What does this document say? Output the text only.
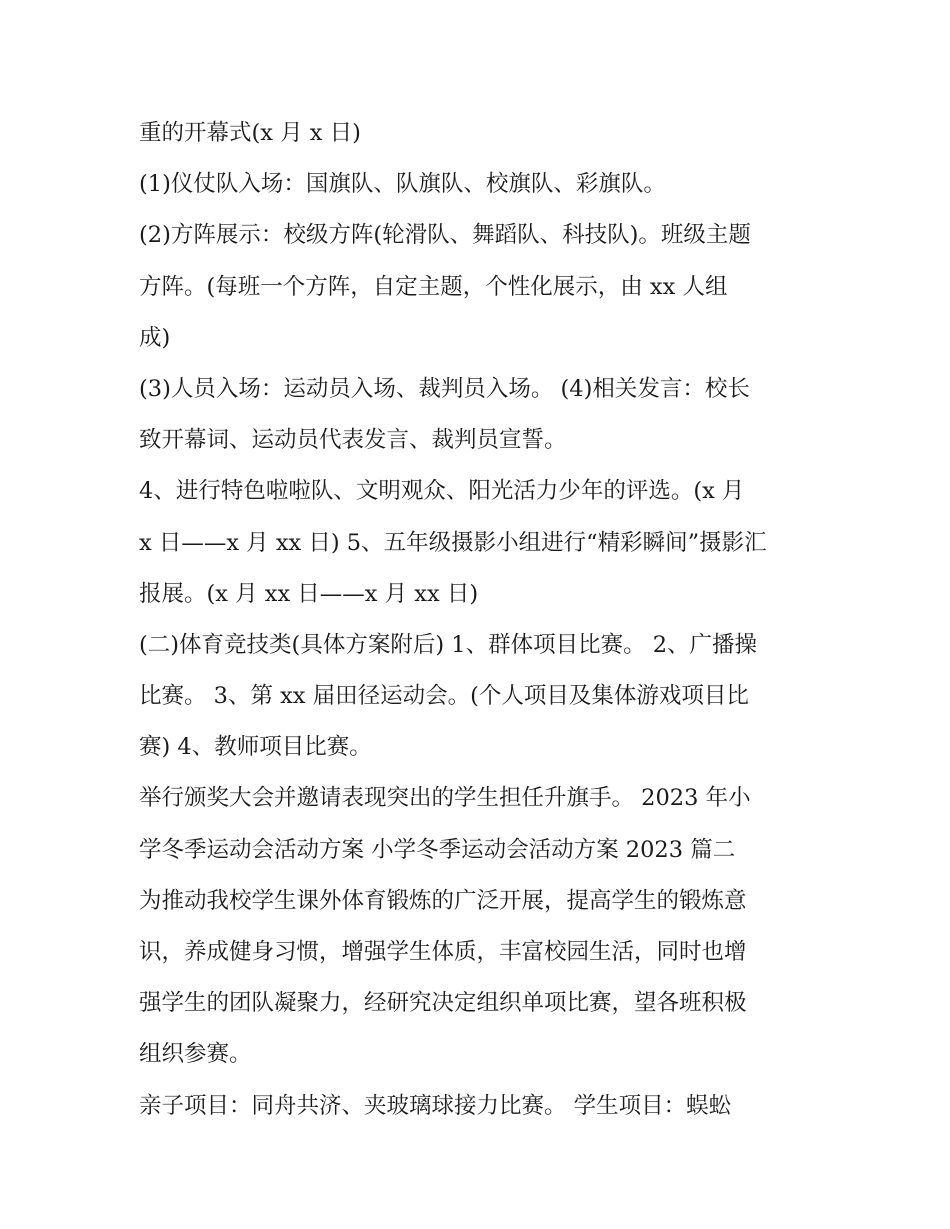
重的开幕式(x 月 x 日)
(1)仪仗队入场：国旗队、队旗队、校旗队、彩旗队。
(2)方阵展示：校级方阵(轮滑队、舞蹈队、科技队)。班级主题
方阵。(每班一个方阵，自定主题，个性化展示，由 xx 人组
成)
(3)人员入场：运动员入场、裁判员入场。 (4)相关发言：校长
致开幕词、运动员代表发言、裁判员宣誓。
4、进行特色啦啦队、文明观众、阳光活力少年的评选。(x 月
x 日——x 月 xx 日) 5、五年级摄影小组进行“精彩瞬间”摄影汇
报展。(x 月 xx 日——x 月 xx 日)
(二)体育竞技类(具体方案附后) 1、群体项目比赛。 2、广播操
比赛。 3、第 xx 届田径运动会。(个人项目及集体游戏项目比
赛) 4、教师项目比赛。
举行颁奖大会并邀请表现突出的学生担任升旗手。 2023 年小
学冬季运动会活动方案 小学冬季运动会活动方案 2023 篇二
为推动我校学生课外体育锻炼的广泛开展，提高学生的锻炼意
识，养成健身习惯，增强学生体质，丰富校园生活，同时也增
强学生的团队凝聚力，经研究决定组织单项比赛，望各班积极
组织参赛。
亲子项目：同舟共济、夹玻璃球接力比赛。 学生项目：蜈蚣
